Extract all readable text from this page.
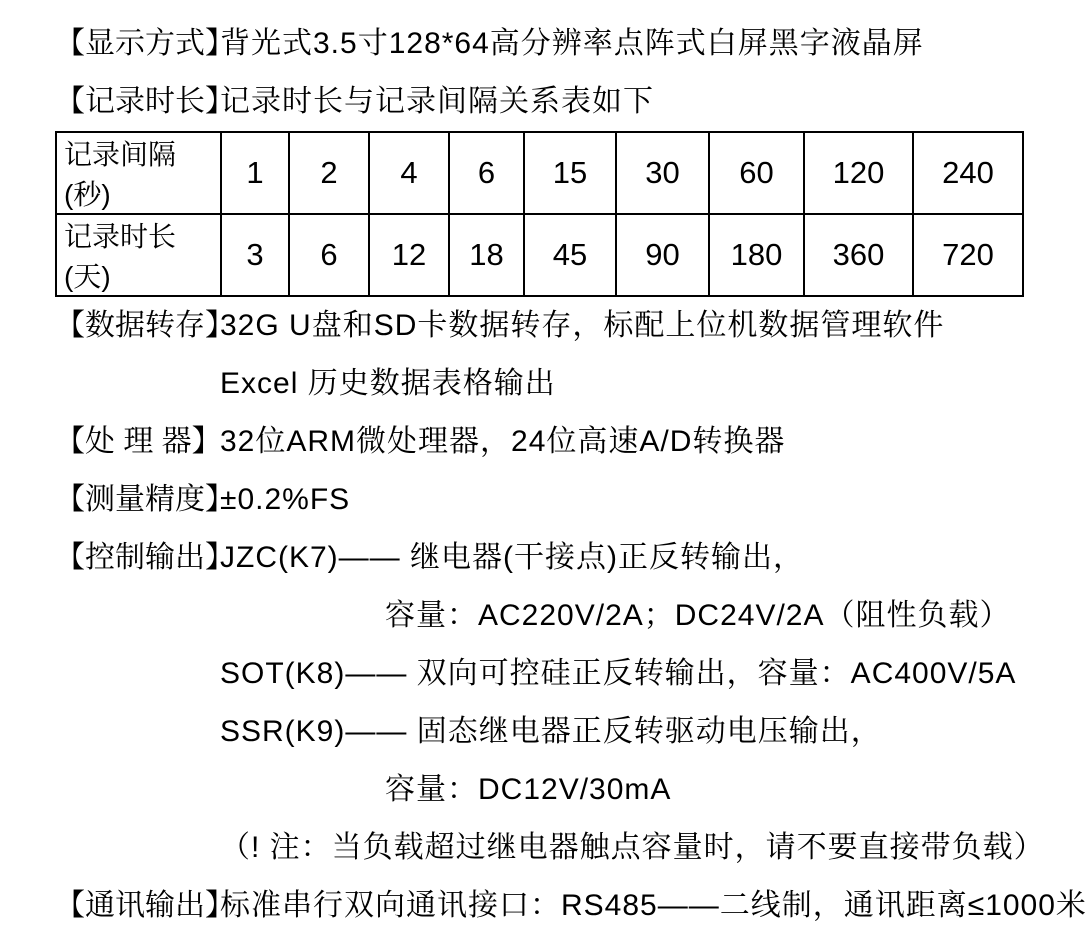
【显示方式】
背光式3.5寸128*64高分辨率点阵式白屏黑字液晶屏
【记录时长】
记录时长与记录间隔关系表如下
记录间隔(秒)	1	2	4	6	15	30	60	120	240
记录时长(天)	3	6	12	18	45	90	180	360	720
【数据转存】
32G U盘和SD卡数据转存，标配上位机数据管理软件
Excel 历史数据表格输出
【处 理 器】
32位ARM微处理器，24位高速A/D转换器
【测量精度】
±0.2%FS
【控制输出】
JZC(K7)—— 继电器(干接点)正反转输出，
容量：AC220V/2A；DC24V/2A（阻性负载）
SOT(K8)—— 双向可控硅正反转输出，容量：AC400V/5A
SSR(K9)—— 固态继电器正反转驱动电压输出，
容量：DC12V/30mA
（! 注：当负载超过继电器触点容量时，请不要直接带负载）
【通讯输出】
标准串行双向通讯接口：RS485——二线制，通讯距离≤1000米
